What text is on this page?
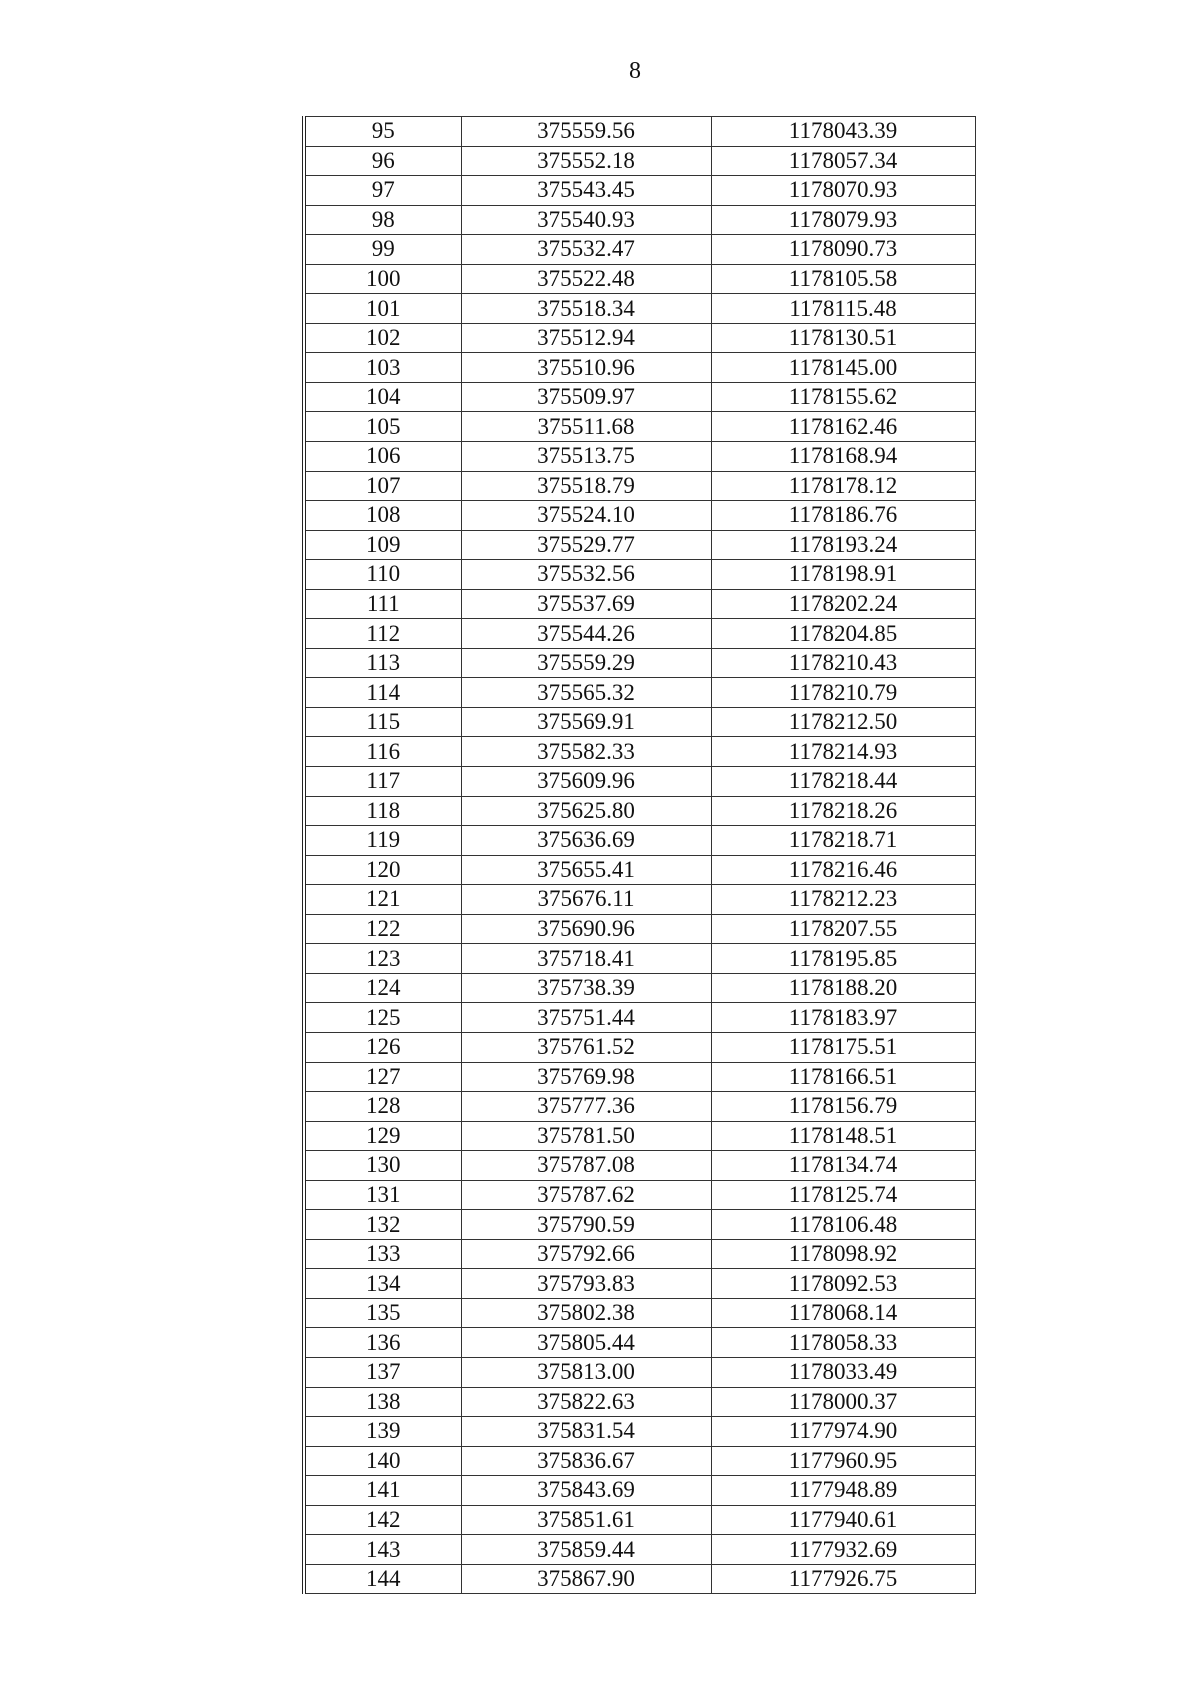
8
95	375559.56	1178043.39
96	375552.18	1178057.34
97	375543.45	1178070.93
98	375540.93	1178079.93
99	375532.47	1178090.73
100	375522.48	1178105.58
101	375518.34	1178115.48
102	375512.94	1178130.51
103	375510.96	1178145.00
104	375509.97	1178155.62
105	375511.68	1178162.46
106	375513.75	1178168.94
107	375518.79	1178178.12
108	375524.10	1178186.76
109	375529.77	1178193.24
110	375532.56	1178198.91
111	375537.69	1178202.24
112	375544.26	1178204.85
113	375559.29	1178210.43
114	375565.32	1178210.79
115	375569.91	1178212.50
116	375582.33	1178214.93
117	375609.96	1178218.44
118	375625.80	1178218.26
119	375636.69	1178218.71
120	375655.41	1178216.46
121	375676.11	1178212.23
122	375690.96	1178207.55
123	375718.41	1178195.85
124	375738.39	1178188.20
125	375751.44	1178183.97
126	375761.52	1178175.51
127	375769.98	1178166.51
128	375777.36	1178156.79
129	375781.50	1178148.51
130	375787.08	1178134.74
131	375787.62	1178125.74
132	375790.59	1178106.48
133	375792.66	1178098.92
134	375793.83	1178092.53
135	375802.38	1178068.14
136	375805.44	1178058.33
137	375813.00	1178033.49
138	375822.63	1178000.37
139	375831.54	1177974.90
140	375836.67	1177960.95
141	375843.69	1177948.89
142	375851.61	1177940.61
143	375859.44	1177932.69
144	375867.90	1177926.75
